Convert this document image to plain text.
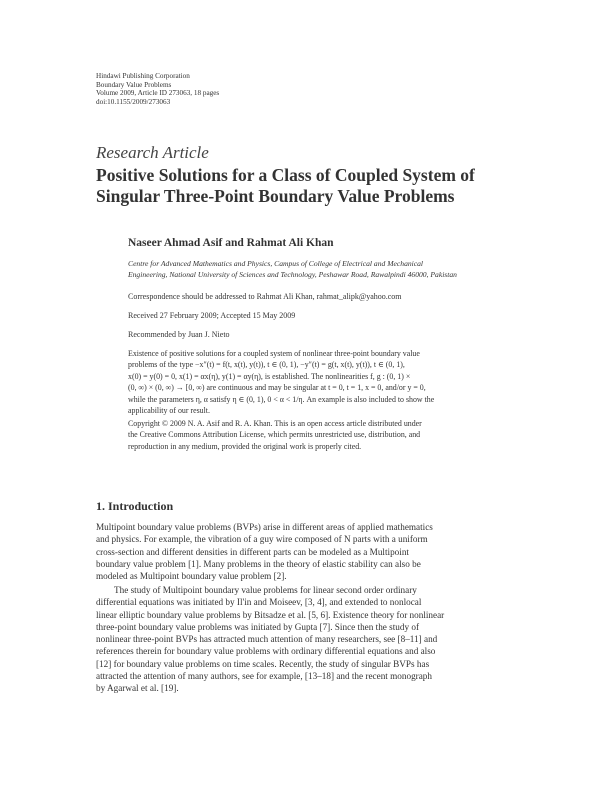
Hindawi Publishing Corporation
Boundary Value Problems
Volume 2009, Article ID 273063, 18 pages
doi:10.1155/2009/273063
Research Article
Positive Solutions for a Class of Coupled System of
Singular Three-Point Boundary Value Problems
Naseer Ahmad Asif and Rahmat Ali Khan
Centre for Advanced Mathematics and Physics, Campus of College of Electrical and Mechanical
Engineering, National University of Sciences and Technology, Peshawar Road, Rawalpindi 46000, Pakistan
Correspondence should be addressed to Rahmat Ali Khan, rahmat_alipk@yahoo.com
Received 27 February 2009; Accepted 15 May 2009
Recommended by Juan J. Nieto
Existence of positive solutions for a coupled system of nonlinear three-point boundary value
problems of the type −x″(t) = f(t, x(t), y(t)), t ∈ (0, 1), −y″(t) = g(t, x(t), y(t)), t ∈ (0, 1),
x(0) = y(0) = 0, x(1) = αx(η), y(1) = αy(η), is established. The nonlinearities f, g : (0, 1) ×
(0, ∞) × (0, ∞) → [0, ∞) are continuous and may be singular at t = 0, t = 1, x = 0, and/or y = 0,
while the parameters η, α satisfy η ∈ (0, 1), 0 < α < 1/η. An example is also included to show the
applicability of our result.
Copyright © 2009 N. A. Asif and R. A. Khan. This is an open access article distributed under
the Creative Commons Attribution License, which permits unrestricted use, distribution, and
reproduction in any medium, provided the original work is properly cited.
1. Introduction
Multipoint boundary value problems (BVPs) arise in different areas of applied mathematics
and physics. For example, the vibration of a guy wire composed of N parts with a uniform
cross-section and different densities in different parts can be modeled as a Multipoint
boundary value problem [1]. Many problems in the theory of elastic stability can also be
modeled as Multipoint boundary value problem [2].
The study of Multipoint boundary value problems for linear second order ordinary
differential equations was initiated by Il'in and Moiseev, [3, 4], and extended to nonlocal
linear elliptic boundary value problems by Bitsadze et al. [5, 6]. Existence theory for nonlinear
three-point boundary value problems was initiated by Gupta [7]. Since then the study of
nonlinear three-point BVPs has attracted much attention of many researchers, see [8–11] and
references therein for boundary value problems with ordinary differential equations and also
[12] for boundary value problems on time scales. Recently, the study of singular BVPs has
attracted the attention of many authors, see for example, [13–18] and the recent monograph
by Agarwal et al. [19].
